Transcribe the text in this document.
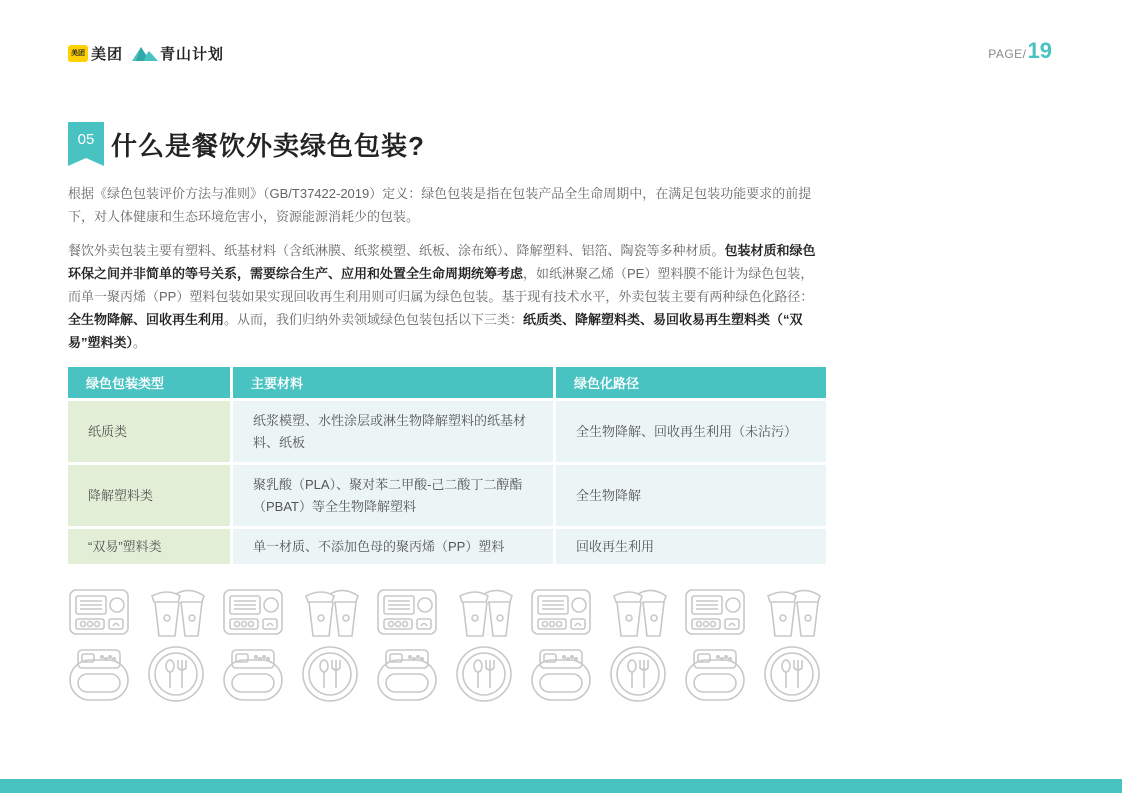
美团 美团 青山计划	PAGE/ 19
05 什么是餐饮外卖绿色包装?
根据《绿色包装评价方法与准则》（GB/T37422-2019）定义：绿色包装是指在包装产品全生命周期中，在满足包装功能要求的前提下，对人体健康和生态环境危害小，资源能源消耗少的包装。
餐饮外卖包装主要有塑料、纸基材料（含纸淋膜、纸浆模塑、纸板、涂布纸）、降解塑料、铝箔、陶瓷等多种材质。包装材质和绿色环保之间并非简单的等号关系，需要综合生产、应用和处置全生命周期统筹考虑，如纸淋聚乙烯（PE）塑料膜不能计为绿色包装，而单一聚丙烯（PP）塑料包装如果实现回收再生利用则可归属为绿色包装。基于现有技术水平，外卖包装主要有两种绿色化路径：全生物降解、回收再生利用。从而，我们归纳外卖领域绿色包装包括以下三类：纸质类、降解塑料类、易回收易再生塑料类（“双易”塑料类）。
绿色包装类型	主要材料	绿色化路径
纸质类	纸浆模塑、水性涂层或淋生物降解塑料的纸基材料、纸板	全生物降解、回收再生利用（未沾污）
降解塑料类	聚乳酸（PLA）、聚对苯二甲酸-己二酸丁二醇酯（PBAT）等全生物降解塑料	全生物降解
“双易”塑料类	单一材质、不添加色母的聚丙烯（PP）塑料	回收再生利用
